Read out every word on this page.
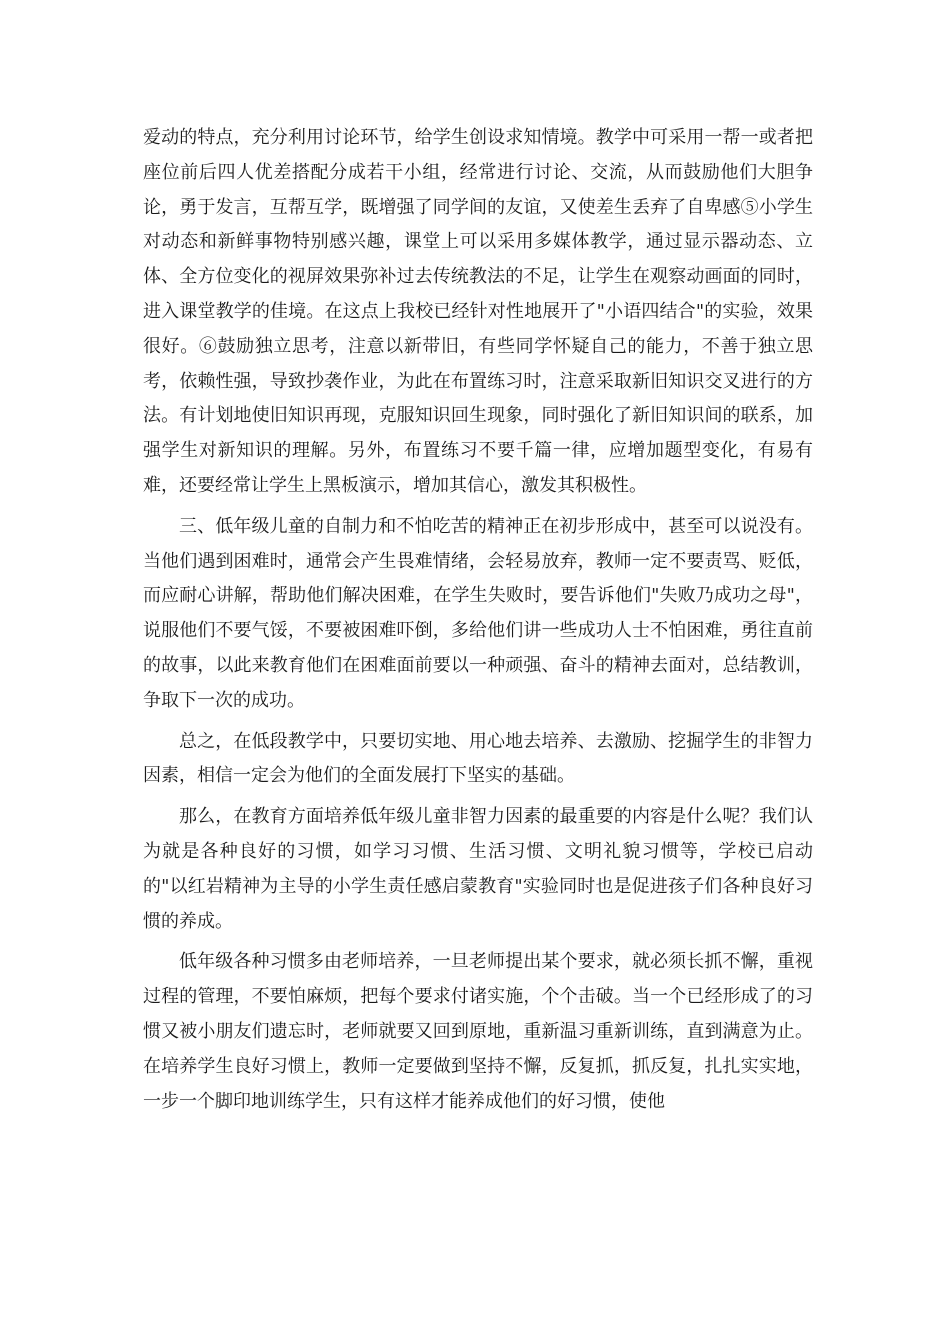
爱动的特点，充分利用讨论环节，给学生创设求知情境。教学中可采用一帮一或者把座位前后四人优差搭配分成若干小组，经常进行讨论、交流，从而鼓励他们大胆争论，勇于发言，互帮互学，既增强了同学间的友谊，又使差生丢弃了自卑感⑤小学生对动态和新鲜事物特别感兴趣，课堂上可以采用多媒体教学，通过显示器动态、立体、全方位变化的视屏效果弥补过去传统教法的不足，让学生在观察动画面的同时，进入课堂教学的佳境。在这点上我校已经针对性地展开了"小语四结合"的实验，效果很好。⑥鼓励独立思考，注意以新带旧，有些同学怀疑自己的能力，不善于独立思考，依赖性强，导致抄袭作业，为此在布置练习时，注意采取新旧知识交叉进行的方法。有计划地使旧知识再现，克服知识回生现象，同时强化了新旧知识间的联系，加强学生对新知识的理解。另外，布置练习不要千篇一律，应增加题型变化，有易有难，还要经常让学生上黑板演示，增加其信心，激发其积极性。

三、低年级儿童的自制力和不怕吃苦的精神正在初步形成中，甚至可以说没有。当他们遇到困难时，通常会产生畏难情绪，会轻易放弃，教师一定不要责骂、贬低，而应耐心讲解，帮助他们解决困难，在学生失败时，要告诉他们"失败乃成功之母"，说服他们不要气馁，不要被困难吓倒，多给他们讲一些成功人士不怕困难，勇往直前的故事，以此来教育他们在困难面前要以一种顽强、奋斗的精神去面对，总结教训，争取下一次的成功。

总之，在低段教学中，只要切实地、用心地去培养、去激励、挖掘学生的非智力因素，相信一定会为他们的全面发展打下坚实的基础。

那么，在教育方面培养低年级儿童非智力因素的最重要的内容是什么呢？我们认为就是各种良好的习惯，如学习习惯、生活习惯、文明礼貌习惯等，学校已启动的"以红岩精神为主导的小学生责任感启蒙教育"实验同时也是促进孩子们各种良好习惯的养成。

低年级各种习惯多由老师培养，一旦老师提出某个要求，就必须长抓不懈，重视过程的管理，不要怕麻烦，把每个要求付诸实施，个个击破。当一个已经形成了的习惯又被小朋友们遗忘时，老师就要又回到原地，重新温习重新训练，直到满意为止。在培养学生良好习惯上，教师一定要做到坚持不懈，反复抓，抓反复，扎扎实实地，一步一个脚印地训练学生，只有这样才能养成他们的好习惯，使他
